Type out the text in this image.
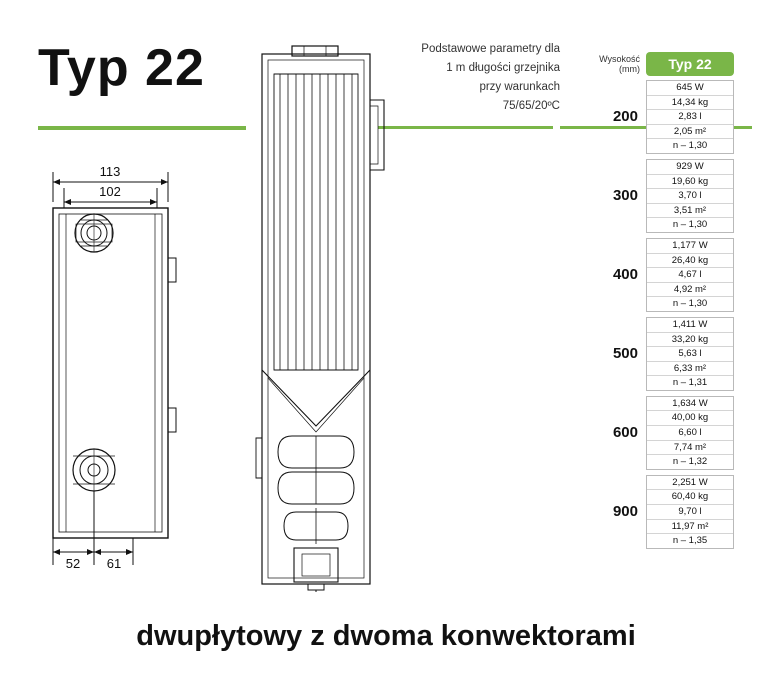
Typ 22	Podstawowe parametry dla
1 m długości grzejnika
przy warunkach
75/65/20ºC
113
102
52 61
Wysokość (mm)	Typ 22
200
645 W
14,34 kg
2,83 l
2,05 m²
n – 1,30
300
929 W
19,60 kg
3,70 l
3,51 m²
n – 1,30
400
1,177 W
26,40 kg
4,67 l
4,92 m²
n – 1,30
500
1,411 W
33,20 kg
5,63 l
6,33 m²
n – 1,31
600
1,634 W
40,00 kg
6,60 l
7,74 m²
n – 1,32
900
2,251 W
60,40 kg
9,70 l
11,97 m²
n – 1,35
dwupłytowy z dwoma konwektorami
